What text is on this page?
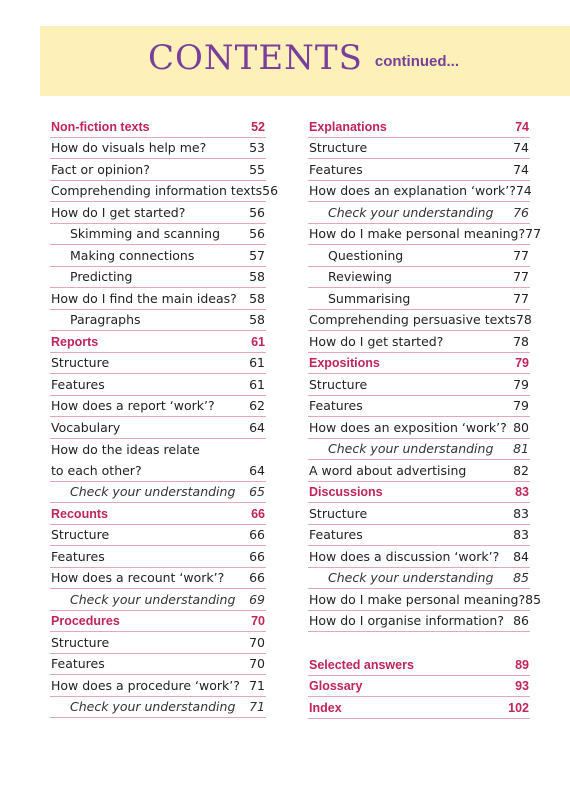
CONTENTS continued...
Non-fiction texts	52
How do visuals help me?	53
Fact or opinion?	55
Comprehending information texts 56
How do I get started?	56
Skimming and scanning 56
Making connections	57
Predicting	58
How do I find the main ideas? 58
Paragraphs	58
Reports	61
Structure	61
Features	61
How does a report ‘work’?	62
Vocabulary	64
How do the ideas relate to each other?	64
Check your understanding 65
Recounts	66
Structure	66
Features	66
How does a recount ‘work’? 66
Check your understanding 69
Procedures	70
Structure	70
Features	70
How does a procedure ‘work’? 71
Check your understanding 71
Explanations	74
Structure	74
Features	74
How does an explanation ‘work’? 74
Check your understanding 76
How do I make personal meaning? 77
Questioning	77
Reviewing	77
Summarising	77
Comprehending persuasive texts 78
How do I get started?	78
Expositions	79
Structure	79
Features	79
How does an exposition ‘work’? 80
Check your understanding 81
A word about advertising	82
Discussions	83
Structure	83
Features	83
How does a discussion ‘work’? 84
Check your understanding 85
How do I make personal meaning? 85
How do I organise information? 86
Selected answers	89
Glossary	93
Index	102
